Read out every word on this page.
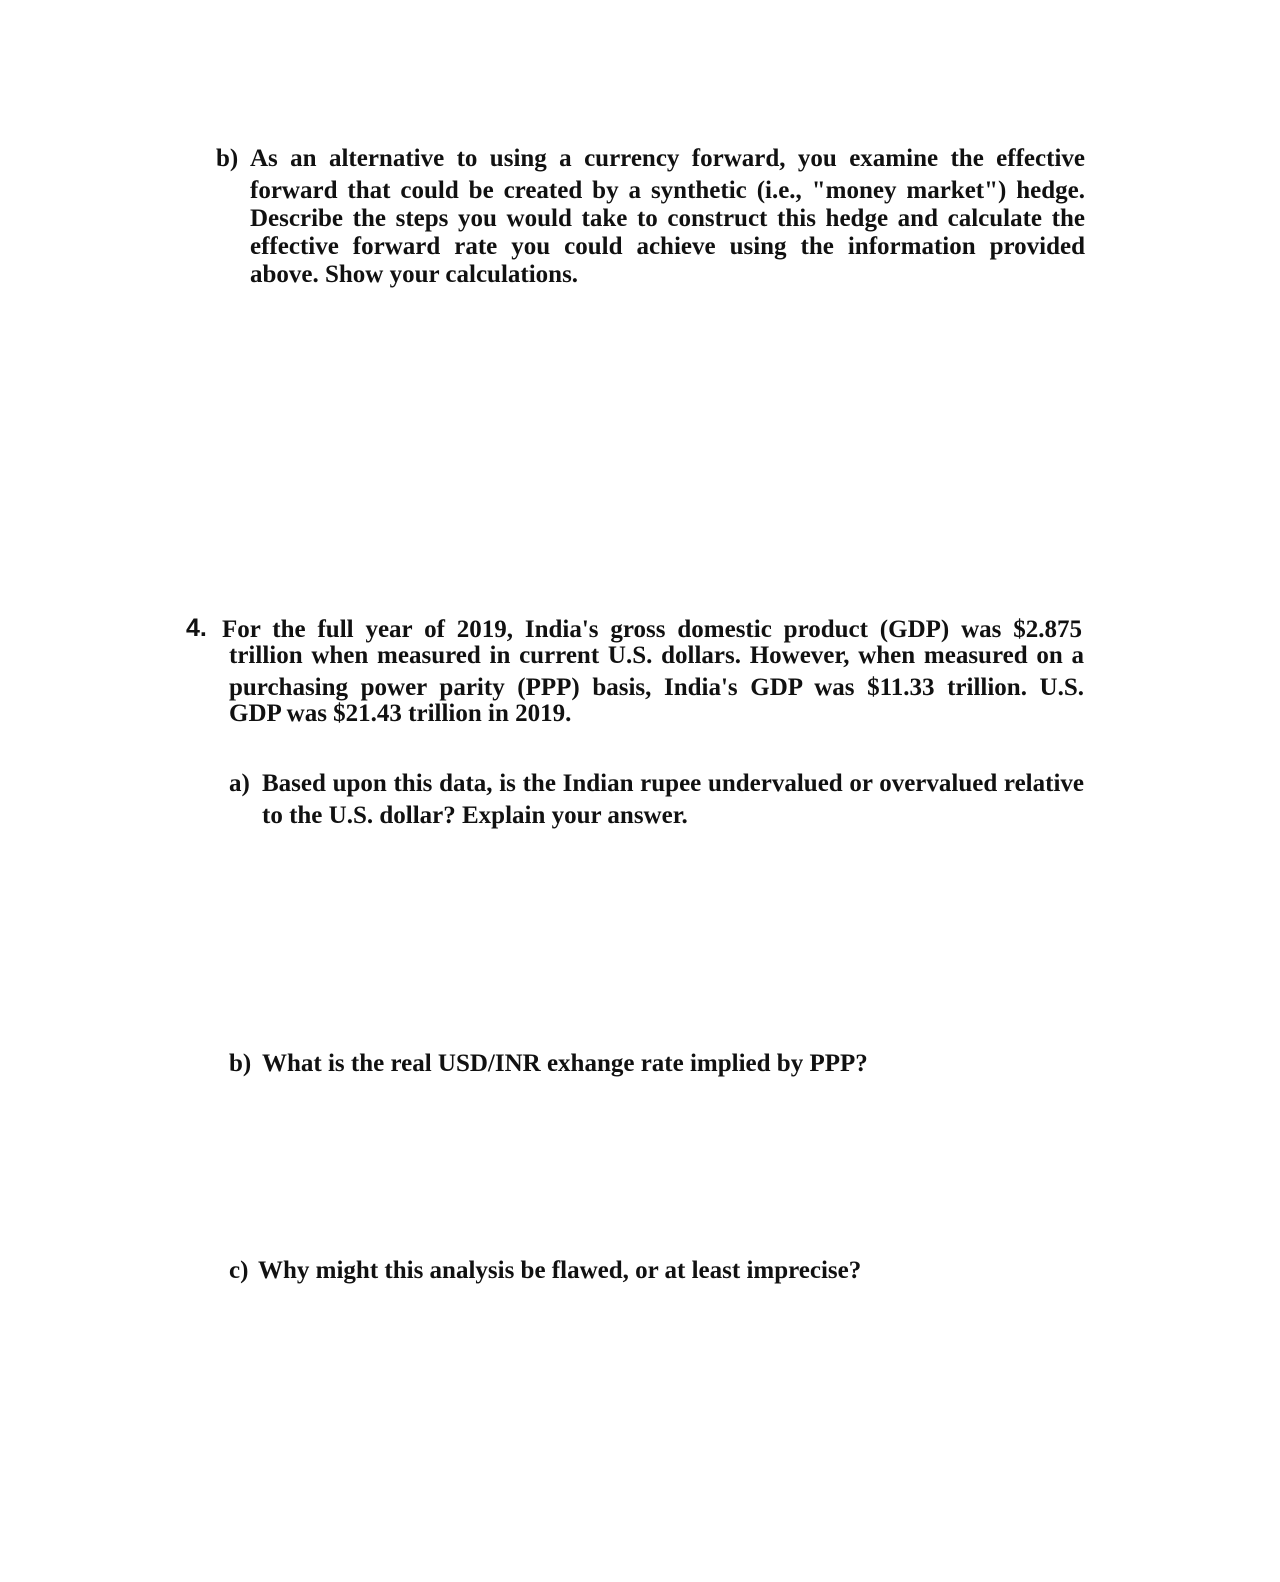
b) As an alternative to using a currency forward, you examine the effective
forward that could be created by a synthetic (i.e., "money market") hedge.
Describe the steps you would take to construct this hedge and calculate the
effective forward rate you could achieve using the information provided
above. Show your calculations.
4. For the full year of 2019, India's gross domestic product (GDP) was $2.875
trillion when measured in current U.S. dollars. However, when measured on a
purchasing power parity (PPP) basis, India's GDP was $11.33 trillion. U.S.
GDP was $21.43 trillion in 2019.
a) Based upon this data, is the Indian rupee undervalued or overvalued relative
to the U.S. dollar? Explain your answer.
b) What is the real USD/INR exhange rate implied by PPP?
c) Why might this analysis be flawed, or at least imprecise?
